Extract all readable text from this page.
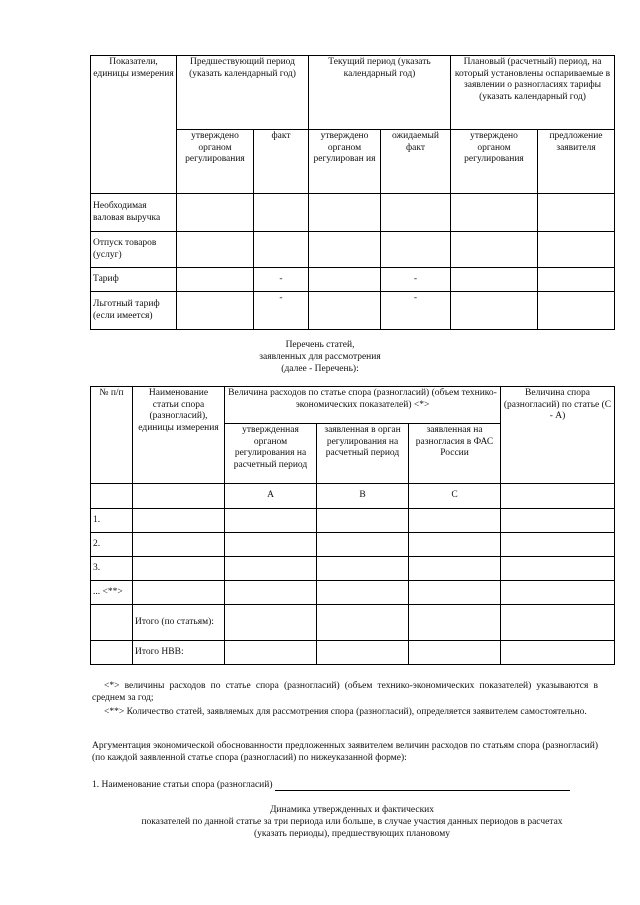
Показатели, единицы измерения	Предшествующий период (указать календарный год)		Текущий период (указать календарный год)		Плановый (расчетный) период, на который установлены оспариваемые в заявлении о разногласиях тарифы (указать календарный год)	
	утверждено органом регулирования	факт	утверждено органом регулирован ия	ожидаемый факт	утверждено органом регулирования	предложение заявителя
Необходимая валовая выручка						
Отпуск товаров (услуг)						
Тариф		-		-		
Льготный тариф (если имеется)		-		-		
Перечень статей,
заявленных для рассмотрения
(далее - Перечень):
№ п/п	Наименование статьи спора (разногласий), единицы измерения	Величина расходов по статье спора (разногласий) (объем технико-экономических показателей) <*>			Величина спора (разногласий) по статье (С - А)
		утвержденная органом регулирования на расчетный период	заявленная в орган регулирования на расчетный период	заявленная на разногласия в ФАС России	
		A	B	C	
1.					
2.					
3.					
... <**>					
	Итого (по статьям):				
	Итого НВВ:				
<*> величины расходов по статье спора (разногласий) (объем технико-экономических показателей) указываются в среднем за год;
<**> Количество статей, заявляемых для рассмотрения спора (разногласий), определяется заявителем самостоятельно.
Аргументация экономической обоснованности предложенных заявителем величин расходов по статьям спора (разногласий) (по каждой заявленной статье спора (разногласий) по нижеуказанной форме):
1. Наименование статьи спора (разногласий)
Динамика утвержденных и фактических
показателей по данной статье за три периода или больше, в случае участия данных периодов в расчетах
(указать периоды), предшествующих плановому
